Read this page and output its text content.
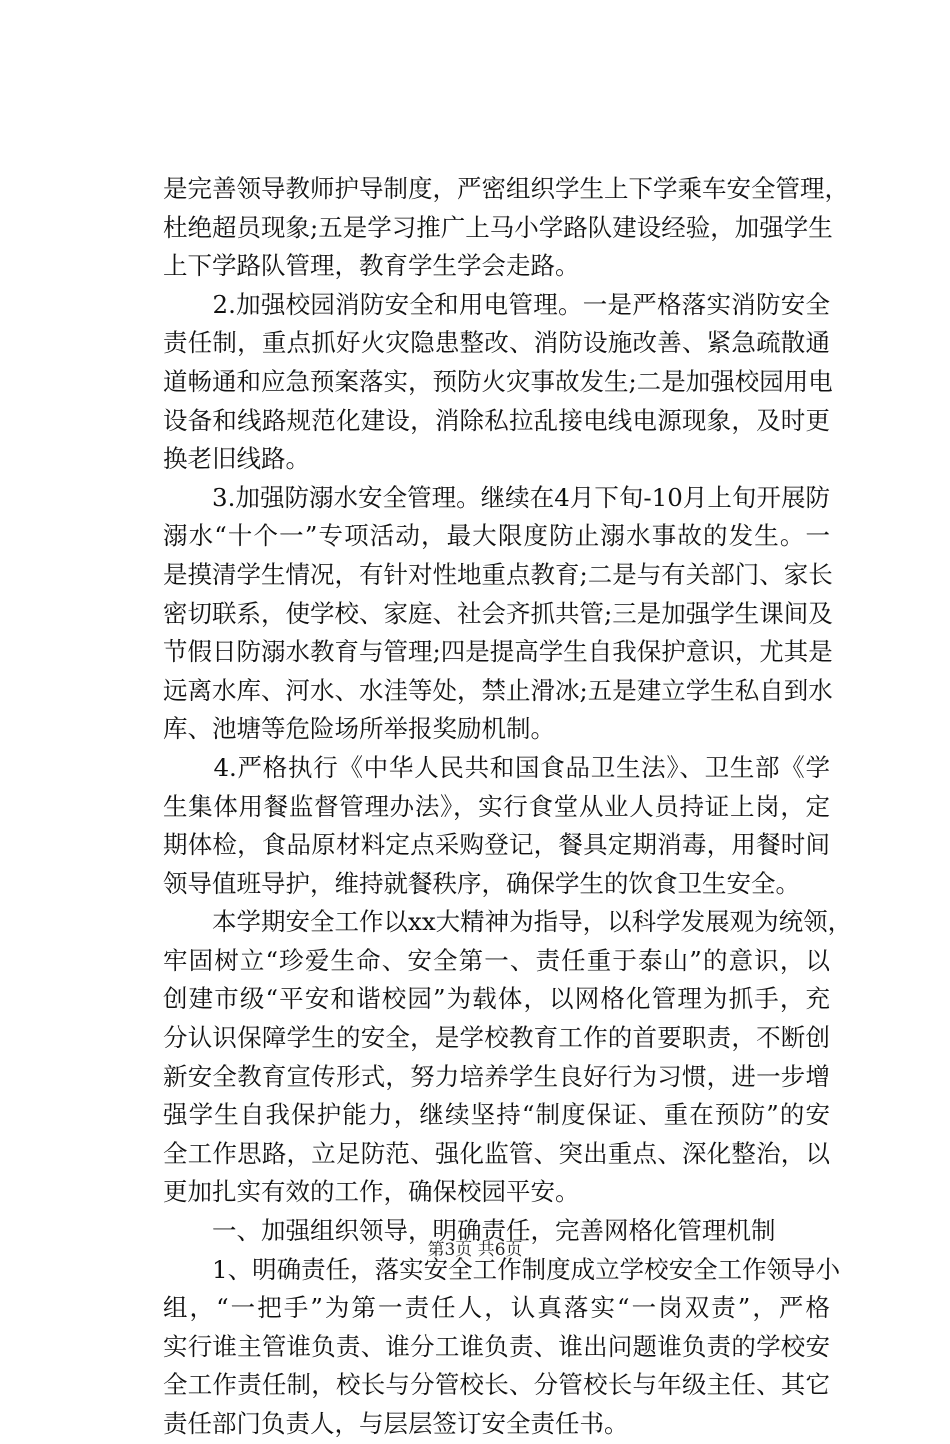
是完善领导教师护导制度，严密组织学生上下学乘车安全管理，
杜绝超员现象;五是学习推广上马小学路队建设经验，加强学生
上下学路队管理，教育学生学会走路。
　　2.加强校园消防安全和用电管理。一是严格落实消防安全
责任制，重点抓好火灾隐患整改、消防设施改善、紧急疏散通
道畅通和应急预案落实，预防火灾事故发生;二是加强校园用电
设备和线路规范化建设，消除私拉乱接电线电源现象，及时更
换老旧线路。
　　3.加强防溺水安全管理。继续在4月下旬-10月上旬开展防
溺水“十个一”专项活动，最大限度防止溺水事故的发生。一
是摸清学生情况，有针对性地重点教育;二是与有关部门、家长
密切联系，使学校、家庭、社会齐抓共管;三是加强学生课间及
节假日防溺水教育与管理;四是提高学生自我保护意识，尤其是
远离水库、河水、水洼等处，禁止滑冰;五是建立学生私自到水
库、池塘等危险场所举报奖励机制。
　　4.严格执行《中华人民共和国食品卫生法》、卫生部《学
生集体用餐监督管理办法》，实行食堂从业人员持证上岗，定
期体检，食品原材料定点采购登记，餐具定期消毒，用餐时间
领导值班导护，维持就餐秩序，确保学生的饮食卫生安全。
　　本学期安全工作以xx大精神为指导，以科学发展观为统领，
牢固树立“珍爱生命、安全第一、责任重于泰山”的意识，以
创建市级“平安和谐校园”为载体，以网格化管理为抓手，充
分认识保障学生的安全，是学校教育工作的首要职责，不断创
新安全教育宣传形式，努力培养学生良好行为习惯，进一步增
强学生自我保护能力，继续坚持“制度保证、重在预防”的安
全工作思路，立足防范、强化监管、突出重点、深化整治，以
更加扎实有效的工作，确保校园平安。
　　一、加强组织领导，明确责任，完善网格化管理机制
　　1、明确责任，落实安全工作制度成立学校安全工作领导小
组，“一把手”为第一责任人，认真落实“一岗双责”，严格
实行谁主管谁负责、谁分工谁负责、谁出问题谁负责的学校安
全工作责任制，校长与分管校长、分管校长与年级主任、其它
责任部门负责人，与层层签订安全责任书。
第3页 共6页
